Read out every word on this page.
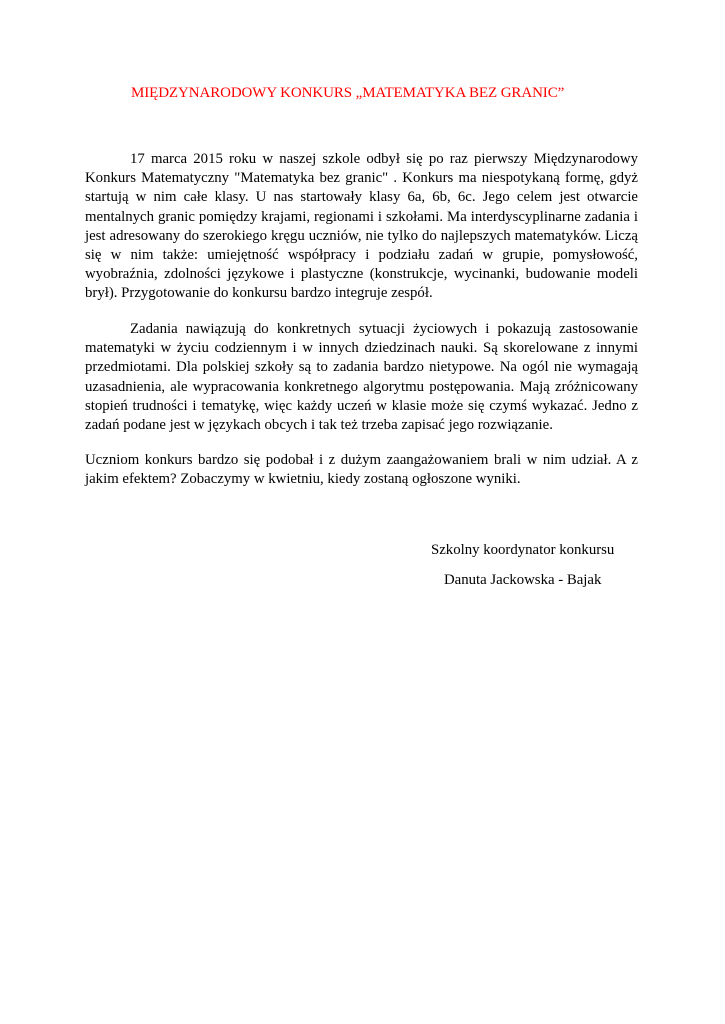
MIĘDZYNARODOWY KONKURS „MATEMATYKA BEZ GRANIC”

17 marca 2015 roku w naszej szkole odbył się po raz pierwszy Międzynarodowy Konkurs Matematyczny "Matematyka bez granic" . Konkurs ma niespotykaną formę, gdyż startują w nim całe klasy. U nas startowały klasy 6a, 6b, 6c. Jego celem jest otwarcie mentalnych granic pomiędzy krajami, regionami i szkołami. Ma interdyscyplinarne zadania i jest adresowany do szerokiego kręgu uczniów, nie tylko do najlepszych matematyków. Liczą się w nim także: umiejętność współpracy i podziału zadań w grupie, pomysłowość, wyobraźnia, zdolności językowe i plastyczne (konstrukcje, wycinanki, budowanie modeli brył). Przygotowanie do konkursu bardzo integruje zespół.

Zadania nawiązują do konkretnych sytuacji życiowych i pokazują zastosowanie matematyki w życiu codziennym i w innych dziedzinach nauki. Są skorelowane z innymi przedmiotami. Dla polskiej szkoły są to zadania bardzo nietypowe. Na ogól nie wymagają uzasadnienia, ale wypracowania konkretnego algorytmu postępowania. Mają zróżnicowany stopień trudności i tematykę, więc każdy uczeń w klasie może się czymś wykazać. Jedno z zadań podane jest w językach obcych i tak też trzeba zapisać jego rozwiązanie.

Uczniom konkurs bardzo się podobał i z dużym zaangażowaniem brali w nim udział. A z jakim efektem? Zobaczymy w kwietniu, kiedy zostaną ogłoszone wyniki.

Szkolny koordynator konkursu
Danuta Jackowska - Bajak
